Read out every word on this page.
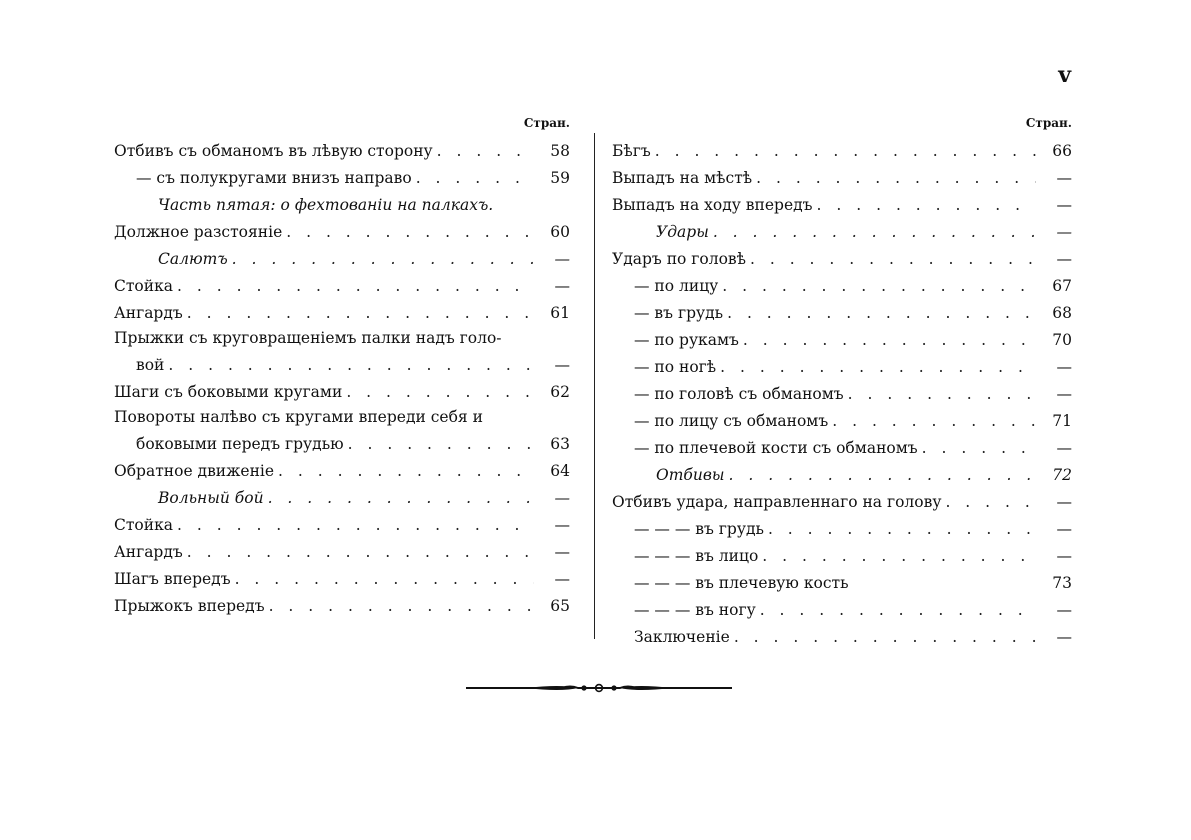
v
Стран.
Отбивъ съ обманомъ въ лѣвую сторону . . .	58
— съ полукругами внизъ направо . . .	59
Часть пятая: о фехтованіи на палкахъ.
Должное разстояніе . . .	60
Салютъ . . .	—
Стойка . . .	—
Ангардъ . . .	61
Прыжки съ круговращеніемъ палки надъ голо-
вой . . .	—
Шаги съ боковыми кругами . . .	62
Повороты налѣво съ кругами впереди себя и
боковыми передъ грудью . . .	63
Обратное движеніе . . .	64
Вольный бой . . .	—
Стойка . . .	—
Ангардъ . . .	—
Шагъ впередъ . . .	—
Прыжокъ впередъ . . .	65
Стран.
Бѣгъ . . .	66
Выпадъ на мѣстѣ . . .	—
Выпадъ на ходу впередъ . . .	—
Удары . . .	—
Ударъ по головѣ . . .	—
— по лицу . . .	67
— въ грудь . . .	68
— по рукамъ . . .	70
— по ногѣ . . .	—
— по головѣ съ обманомъ . . .	—
— по лицу съ обманомъ . . .	71
— по плечевой кости съ обманомъ . . .	—
Отбивы . . .	72
Отбивъ удара, направленнаго на голову . . .	—
— — — въ грудь . . .	—
— — — въ лицо . . .	—
— — — въ плечевую кость	73
— — — въ ногу . . .	—
Заключеніе . . .	—
